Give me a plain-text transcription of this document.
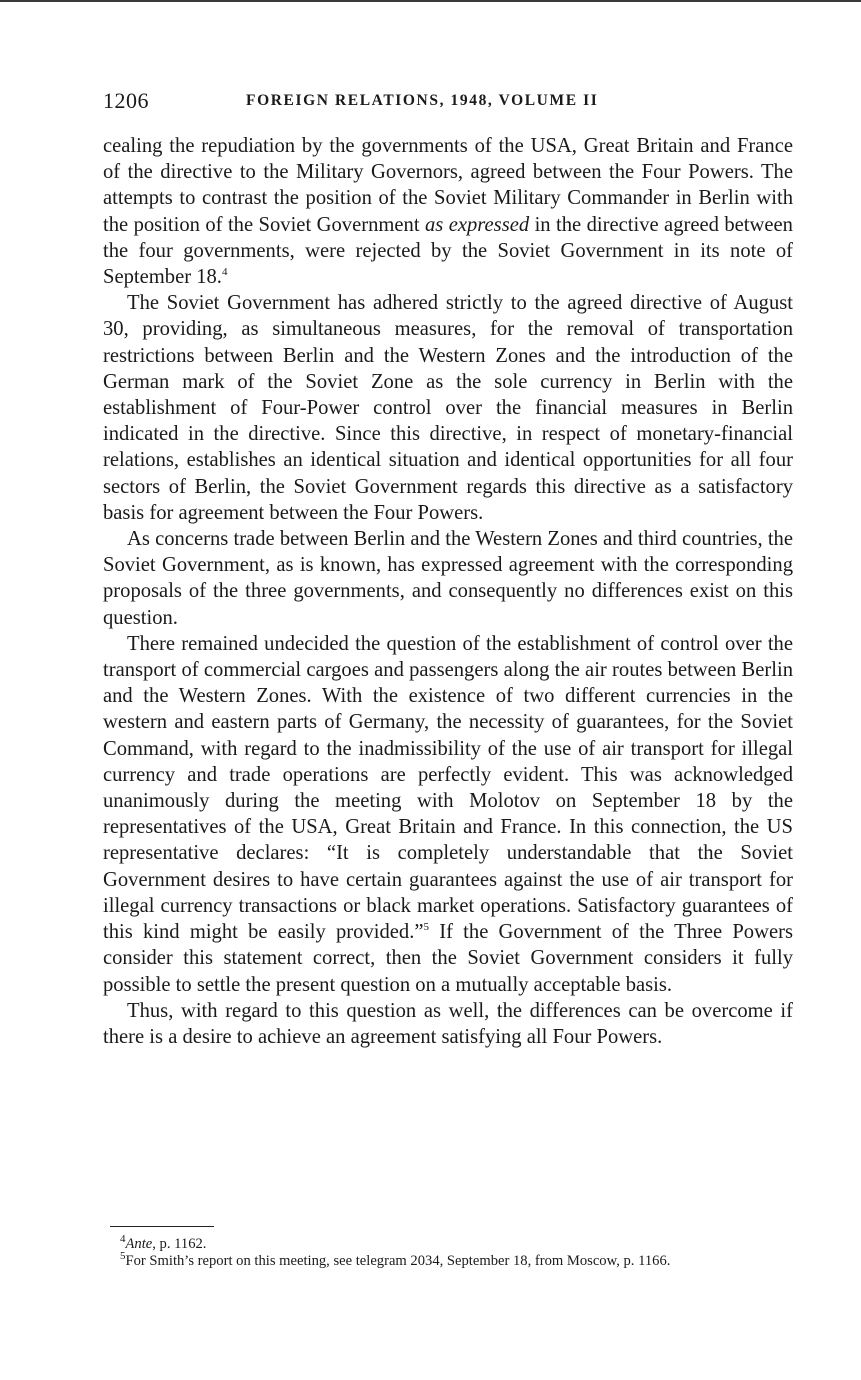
1206	FOREIGN RELATIONS, 1948, VOLUME II

cealing the repudiation by the governments of the USA, Great Britain and France of the directive to the Military Governors, agreed between the Four Powers. The attempts to contrast the position of the Soviet Military Commander in Berlin with the position of the Soviet Government as expressed in the directive agreed between the four governments, were rejected by the Soviet Government in its note of September 18.$^4$

The Soviet Government has adhered strictly to the agreed directive of August 30, providing, as simultaneous measures, for the removal of transportation restrictions between Berlin and the Western Zones and the introduction of the German mark of the Soviet Zone as the sole currency in Berlin with the establishment of Four-Power control over the financial measures in Berlin indicated in the directive. Since this directive, in respect of monetary-financial relations, establishes an identical situation and identical opportunities for all four sectors of Berlin, the Soviet Government regards this directive as a satisfactory basis for agreement between the Four Powers.

As concerns trade between Berlin and the Western Zones and third countries, the Soviet Government, as is known, has expressed agreement with the corresponding proposals of the three governments, and consequently no differences exist on this question.

There remained undecided the question of the establishment of control over the transport of commercial cargoes and passengers along the air routes between Berlin and the Western Zones. With the existence of two different currencies in the western and eastern parts of Germany, the necessity of guarantees, for the Soviet Command, with regard to the inadmissibility of the use of air transport for illegal currency and trade operations are perfectly evident. This was acknowledged unanimously during the meeting with Molotov on September 18 by the representatives of the USA, Great Britain and France. In this connection, the US representative declares: “It is completely understandable that the Soviet Government desires to have certain guarantees against the use of air transport for illegal currency transactions or black market operations. Satisfactory guarantees of this kind might be easily provided.”$^5$ If the Government of the Three Powers consider this statement correct, then the Soviet Government considers it fully possible to settle the present question on a mutually acceptable basis.

Thus, with regard to this question as well, the differences can be overcome if there is a desire to achieve an agreement satisfying all Four Powers.

$^4$Ante, p. 1162.

$^5$For Smith’s report on this meeting, see telegram 2034, September 18, from Moscow, p. 1166.
